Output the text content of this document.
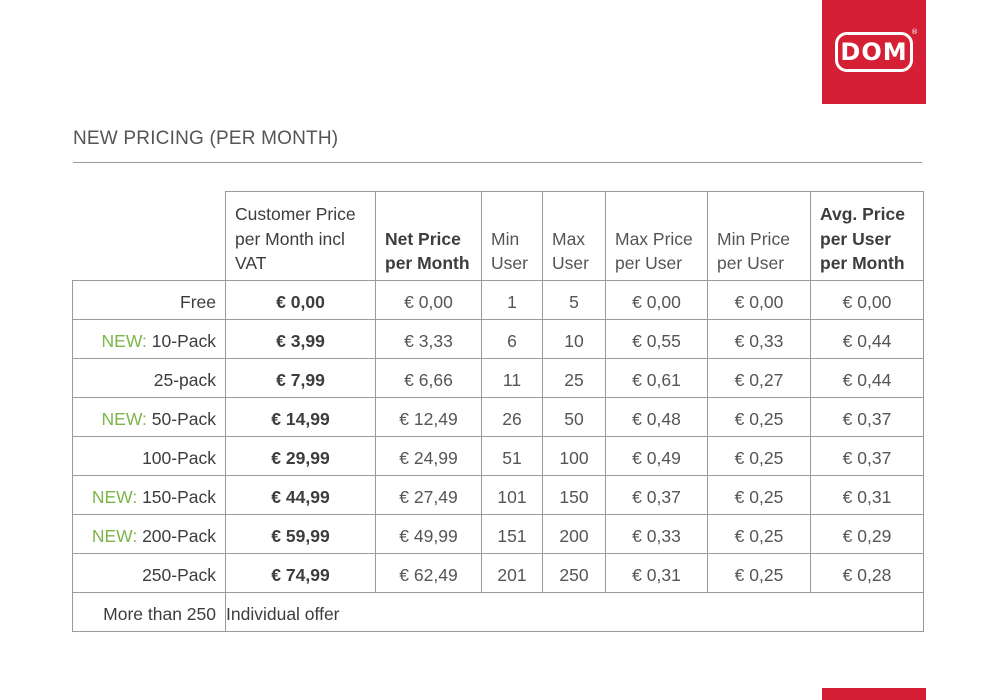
DOM
®
NEW PRICING (PER MONTH)
	Customer Price per Month incl VAT	Net Price per Month	Min User	Max User	Max Price per User	Min Price per User	Avg. Price per User per Month
Free	€ 0,00	€ 0,00	1	5	€ 0,00	€ 0,00	€ 0,00
NEW: 10-Pack	€ 3,99	€ 3,33	6	10	€ 0,55	€ 0,33	€ 0,44
25-pack	€ 7,99	€ 6,66	11	25	€ 0,61	€ 0,27	€ 0,44
NEW: 50-Pack	€ 14,99	€ 12,49	26	50	€ 0,48	€ 0,25	€ 0,37
100-Pack	€ 29,99	€ 24,99	51	100	€ 0,49	€ 0,25	€ 0,37
NEW: 150-Pack	€ 44,99	€ 27,49	101	150	€ 0,37	€ 0,25	€ 0,31
NEW: 200-Pack	€ 59,99	€ 49,99	151	200	€ 0,33	€ 0,25	€ 0,29
250-Pack	€ 74,99	€ 62,49	201	250	€ 0,31	€ 0,25	€ 0,28
More than 250	Individual offer						
